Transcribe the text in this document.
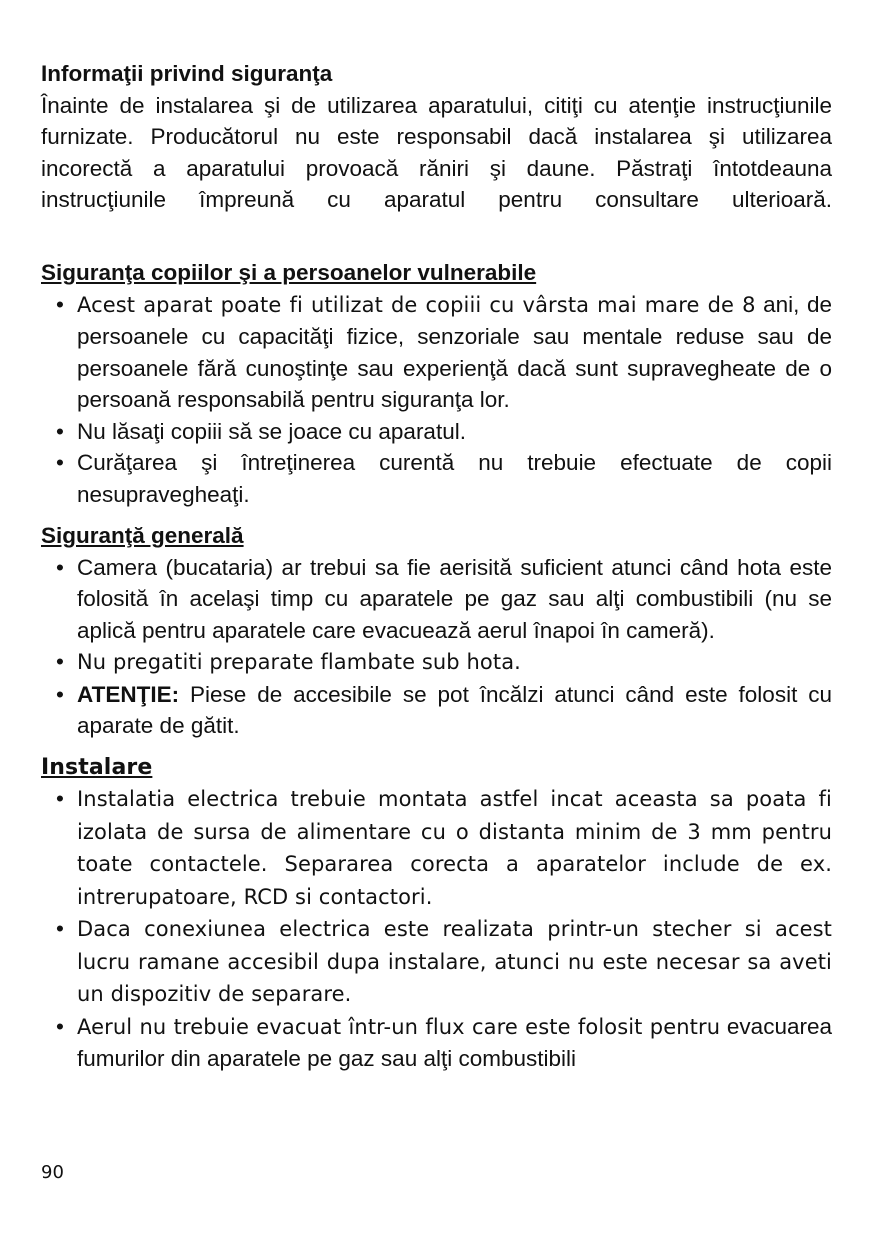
Informaţii privind siguranţa

Înainte de instalarea şi de utilizarea aparatului, citiţi cu atenţie instrucţiunile furnizate. Producătorul nu este responsabil dacă instalarea şi utilizarea incorectă a aparatului provoacă răniri şi daune. Păstraţi întotdeauna instrucţiunile împreună cu aparatul pentru consultare ulterioară.

Siguranţa copiilor şi a persoanelor vulnerabile
• Acest aparat poate fi utilizat de copiii cu vârsta mai mare de 8 ani, de persoanele cu capacităţi fizice, senzoriale sau mentale reduse sau de persoanele fără cunoştinţe sau experienţă dacă sunt supravegheate de o persoană responsabilă pentru siguranţa lor.
• Nu lăsaţi copiii să se joace cu aparatul.
• Curăţarea şi întreţinerea curentă nu trebuie efectuate de copii nesupravegheaţi.
Siguranţă generală
• Camera (bucataria) ar trebui sa fie aerisită suficient atunci când hota este folosită în acelaşi timp cu aparatele pe gaz sau alţi combustibili (nu se aplică pentru aparatele care evacuează aerul înapoi în cameră).
• Nu pregatiti preparate flambate sub hota.
• ATENŢIE: Piese de accesibile se pot încălzi atunci când este folosit cu aparate de gătit.
Instalare
• Instalatia electrica trebuie montata astfel incat aceasta sa poata fi izolata de sursa de alimentare cu o distanta minim de 3 mm pentru toate contactele. Separarea corecta a aparatelor include de ex. intrerupatoare, RCD si contactori.
• Daca conexiunea electrica este realizata printr-un stecher si acest lucru ramane accesibil dupa instalare, atunci nu este necesar sa aveti un dispozitiv de separare.
• Aerul nu trebuie evacuat într-un flux care este folosit pentru evacuarea fumurilor din aparatele pe gaz sau alţi combustibili
90
